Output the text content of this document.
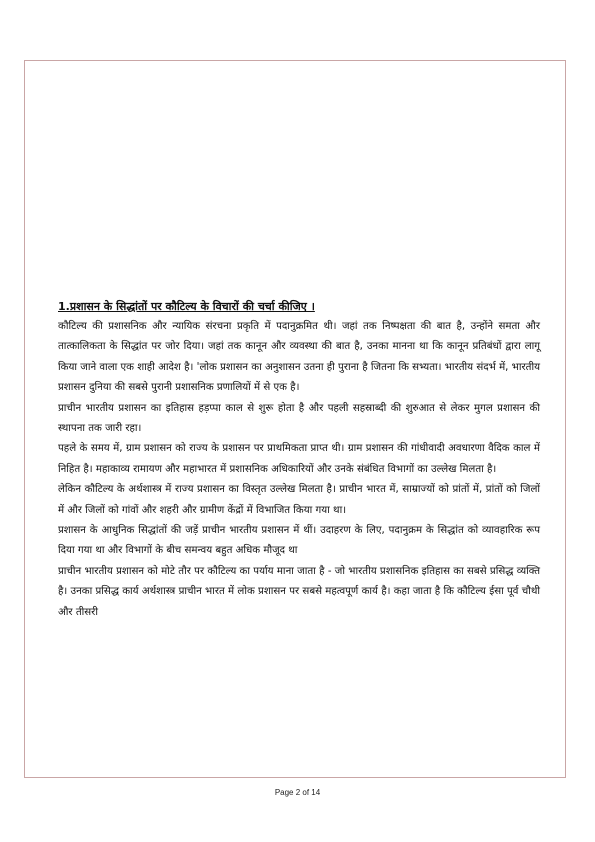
1.प्रशासन के सिद्धांतों पर कौटिल्य के विचारों की चर्चा कीजिए ।

कौटिल्य की प्रशासनिक और न्यायिक संरचना प्रकृति में पदानुक्रमित थी। जहां तक निष्पक्षता की बात है, उन्होंने समता और तात्कालिकता के सिद्धांत पर जोर दिया। जहां तक कानून और व्यवस्था की बात है, उनका मानना था कि कानून प्रतिबंधों द्वारा लागू किया जाने वाला एक शाही आदेश है। 'लोक प्रशासन का अनुशासन उतना ही पुराना है जितना कि सभ्यता। भारतीय संदर्भ में, भारतीय प्रशासन दुनिया की सबसे पुरानी प्रशासनिक प्रणालियों में से एक है।

प्राचीन भारतीय प्रशासन का इतिहास हड़प्पा काल से शुरू होता है और पहली सहस्राब्दी की शुरुआत से लेकर मुगल प्रशासन की स्थापना तक जारी रहा।

पहले के समय में, ग्राम प्रशासन को राज्य के प्रशासन पर प्राथमिकता प्राप्त थी। ग्राम प्रशासन की गांधीवादी अवधारणा वैदिक काल में निहित है। महाकाव्य रामायण और महाभारत में प्रशासनिक अधिकारियों और उनके संबंधित विभागों का उल्लेख मिलता है।

लेकिन कौटिल्य के अर्थशास्त्र में राज्य प्रशासन का विस्तृत उल्लेख मिलता है। प्राचीन भारत में, साम्राज्यों को प्रांतों में, प्रांतों को जिलों में और जिलों को गांवों और शहरी और ग्रामीण केंद्रों में विभाजित किया गया था।

प्रशासन के आधुनिक सिद्धांतों की जड़ें प्राचीन भारतीय प्रशासन में थीं। उदाहरण के लिए, पदानुक्रम के सिद्धांत को व्यावहारिक रूप दिया गया था और विभागों के बीच समन्वय बहुत अधिक मौजूद था

प्राचीन भारतीय प्रशासन को मोटे तौर पर कौटिल्य का पर्याय माना जाता है - जो भारतीय प्रशासनिक इतिहास का सबसे प्रसिद्ध व्यक्ति है। उनका प्रसिद्ध कार्य अर्थशास्त्र प्राचीन भारत में लोक प्रशासन पर सबसे महत्वपूर्ण कार्य है। कहा जाता है कि कौटिल्य ईसा पूर्व चौथी और तीसरी

Page 2 of 14
